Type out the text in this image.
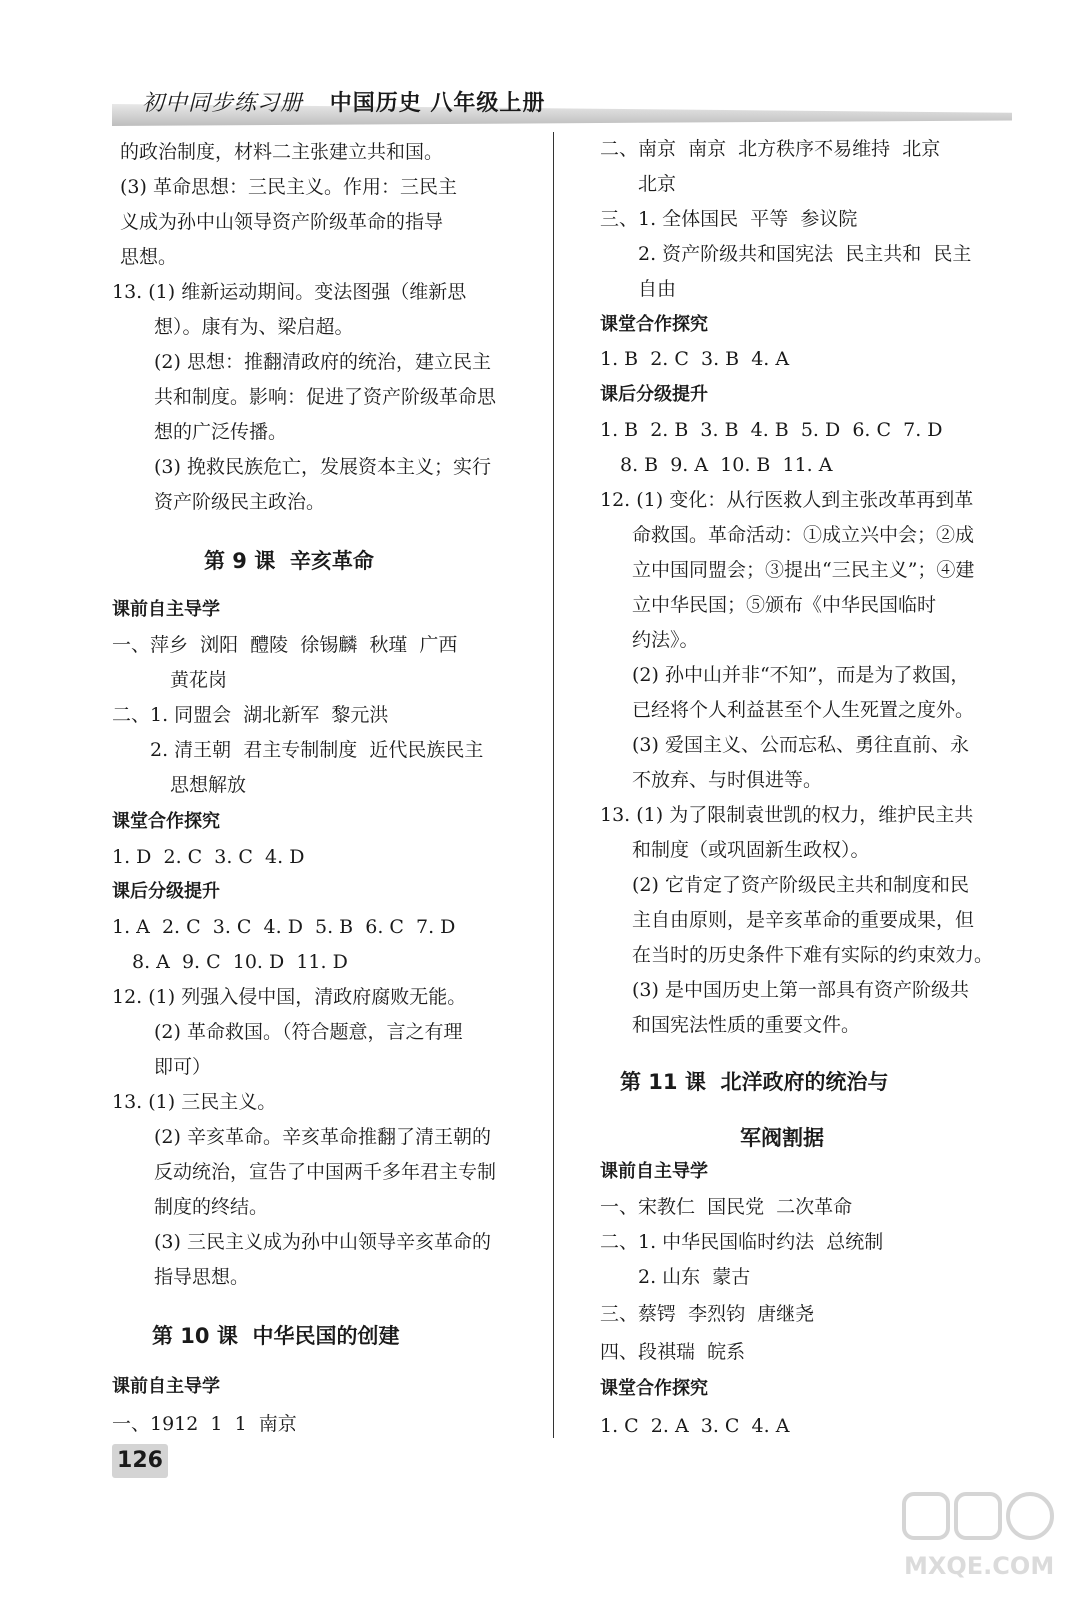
初中同步练习册 中国历史 八年级上册
的政治制度，材料二主张建立共和国。
(3) 革命思想：三民主义。作用：三民主
义成为孙中山领导资产阶级革命的指导
思想。
13. (1) 维新运动期间。变法图强（维新思
想）。康有为、梁启超。
(2) 思想：推翻清政府的统治，建立民主
共和制度。影响：促进了资产阶级革命思
想的广泛传播。
(3) 挽救民族危亡，发展资本主义；实行
资产阶级民主政治。
第 9 课  辛亥革命
课前自主导学
一、萍乡  浏阳  醴陵  徐锡麟  秋瑾  广西
黄花岗
二、1. 同盟会  湖北新军  黎元洪
2. 清王朝  君主专制制度  近代民族民主
思想解放
课堂合作探究
1. D  2. C  3. C  4. D
课后分级提升
1. A  2. C  3. C  4. D  5. B  6. C  7. D
8. A  9. C  10. D  11. D
12. (1) 列强入侵中国，清政府腐败无能。
(2) 革命救国。（符合题意，言之有理
即可）
13. (1) 三民主义。
(2) 辛亥革命。辛亥革命推翻了清王朝的
反动统治，宣告了中国两千多年君主专制
制度的终结。
(3) 三民主义成为孙中山领导辛亥革命的
指导思想。
第 10 课  中华民国的创建
课前自主导学
一、1912  1  1  南京
二、南京  南京  北方秩序不易维持  北京
北京
三、1. 全体国民  平等  参议院
2. 资产阶级共和国宪法  民主共和  民主
自由
课堂合作探究
1. B  2. C  3. B  4. A
课后分级提升
1. B  2. B  3. B  4. B  5. D  6. C  7. D
8. B  9. A  10. B  11. A
12. (1) 变化：从行医救人到主张改革再到革
命救国。革命活动：①成立兴中会；②成
立中国同盟会；③提出“三民主义”；④建
立中华民国；⑤颁布《中华民国临时
约法》。
(2) 孙中山并非“不知”，而是为了救国，
已经将个人利益甚至个人生死置之度外。
(3) 爱国主义、公而忘私、勇往直前、永
不放弃、与时俱进等。
13. (1) 为了限制袁世凯的权力，维护民主共
和制度（或巩固新生政权）。
(2) 它肯定了资产阶级民主共和制度和民
主自由原则，是辛亥革命的重要成果，但
在当时的历史条件下难有实际的约束效力。
(3) 是中国历史上第一部具有资产阶级共
和国宪法性质的重要文件。
第 11 课  北洋政府的统治与
军阀割据
课前自主导学
一、宋教仁  国民党  二次革命
二、1. 中华民国临时约法  总统制
2. 山东  蒙古
三、蔡锷  李烈钧  唐继尧
四、段祺瑞  皖系
课堂合作探究
1. C  2. A  3. C  4. A
126
MXQE.COM
